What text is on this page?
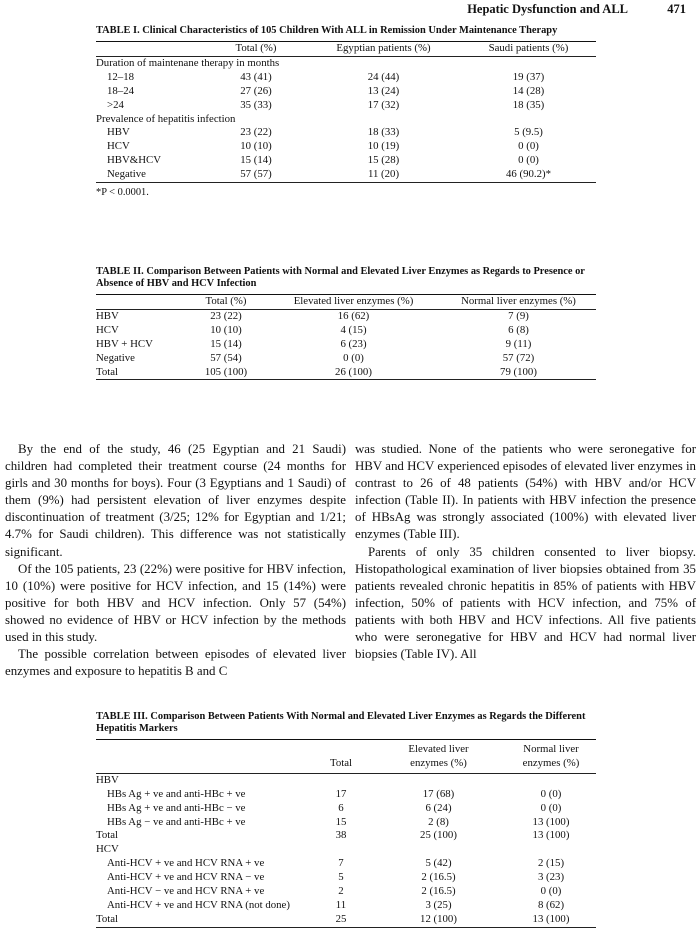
Hepatic Dysfunction and ALL	471
TABLE I. Clinical Characteristics of 105 Children With ALL in Remission Under Maintenance Therapy
	Total (%)	Egyptian patients (%)	Saudi patients (%)
Duration of maintenane therapy in months			
12–18	43 (41)	24 (44)	19 (37)
18–24	27 (26)	13 (24)	14 (28)
>24	35 (33)	17 (32)	18 (35)
Prevalence of hepatitis infection			
HBV	23 (22)	18 (33)	5 (9.5)
HCV	10 (10)	10 (19)	0 (0)
HBV&HCV	15 (14)	15 (28)	0 (0)
Negative	57 (57)	11 (20)	46 (90.2)*
*P < 0.0001.
TABLE II. Comparison Between Patients with Normal and Elevated Liver Enzymes as Regards to Presence or Absence of HBV and HCV Infection
	Total (%)	Elevated liver enzymes (%)	Normal liver enzymes (%)
HBV	23 (22)	16 (62)	7 (9)
HCV	10 (10)	4 (15)	6 (8)
HBV + HCV	15 (14)	6 (23)	9 (11)
Negative	57 (54)	0 (0)	57 (72)
Total	105 (100)	26 (100)	79 (100)

By the end of the study, 46 (25 Egyptian and 21 Saudi) children had completed their treatment course (24 months for girls and 30 months for boys). Four (3 Egyptians and 1 Saudi) of them (9%) had persistent elevation of liver enzymes despite discontinuation of treatment (3/25; 12% for Egyptian and 1/21; 4.7% for Saudi children). This difference was not statistically significant.

Of the 105 patients, 23 (22%) were positive for HBV infection, 10 (10%) were positive for HCV infection, and 15 (14%) were positive for both HBV and HCV infection. Only 57 (54%) showed no evidence of HBV or HCV infection by the methods used in this study.

The possible correlation between episodes of elevated liver enzymes and exposure to hepatitis B and C

was studied. None of the patients who were seronegative for HBV and HCV experienced episodes of elevated liver enzymes in contrast to 26 of 48 patients (54%) with HBV and/or HCV infection (Table II). In patients with HBV infection the presence of HBsAg was strongly associated (100%) with elevated liver enzymes (Table III).

Parents of only 35 children consented to liver biopsy. Histopathological examination of liver biopsies obtained from 35 patients revealed chronic hepatitis in 85% of patients with HBV infection, 50% of patients with HCV infection, and 75% of patients with both HBV and HCV infections. All five patients who were seronegative for HBV and HCV had normal liver biopsies (Table IV). All

TABLE III. Comparison Between Patients With Normal and Elevated Liver Enzymes as Regards the Different Hepatitis Markers
		Elevated liver	Normal liver
	Total	enzymes (%)	enzymes (%)
HBV			
HBs Ag + ve and anti-HBc + ve	17	17 (68)	0 (0)
HBs Ag + ve and anti-HBc − ve	6	6 (24)	0 (0)
HBs Ag − ve and anti-HBc + ve	15	2 (8)	13 (100)
Total	38	25 (100)	13 (100)
HCV			
Anti-HCV + ve and HCV RNA + ve	7	5 (42)	2 (15)
Anti-HCV + ve and HCV RNA − ve	5	2 (16.5)	3 (23)
Anti-HCV − ve and HCV RNA + ve	2	2 (16.5)	0 (0)
Anti-HCV + ve and HCV RNA (not done)	11	3 (25)	8 (62)
Total	25	12 (100)	13 (100)
